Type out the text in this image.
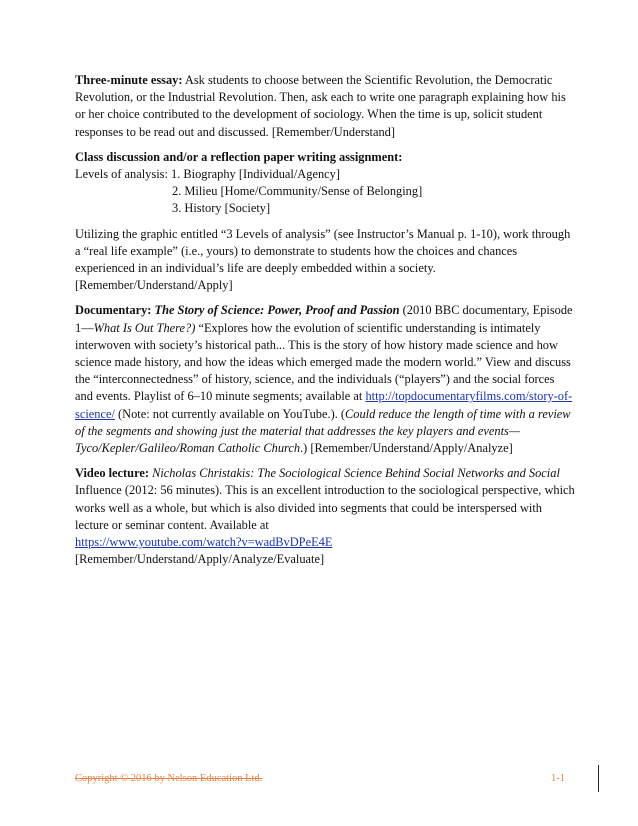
Three-minute essay: Ask students to choose between the Scientific Revolution, the Democratic Revolution, or the Industrial Revolution. Then, ask each to write one paragraph explaining how his or her choice contributed to the development of sociology. When the time is up, solicit student responses to be read out and discussed. [Remember/Understand]

Class discussion and/or a reflection paper writing assignment:
Levels of analysis: 1. Biography [Individual/Agency]
2. Milieu [Home/Community/Sense of Belonging]
3. History [Society]

Utilizing the graphic entitled “3 Levels of analysis” (see Instructor’s Manual p. 1-10), work through a “real life example” (i.e., yours) to demonstrate to students how the choices and chances experienced in an individual’s life are deeply embedded within a society. [Remember/Understand/Apply]

Documentary: The Story of Science: Power, Proof and Passion (2010 BBC documentary, Episode 1—What Is Out There?) “Explores how the evolution of scientific understanding is intimately interwoven with society’s historical path... This is the story of how history made science and how science made history, and how the ideas which emerged made the modern world.” View and discuss the “interconnectedness” of history, science, and the individuals (“players”) and the social forces and events. Playlist of 6–10 minute segments; available at http://topdocumentaryfilms.com/story-of-science/ (Note: not currently available on YouTube.). (Could reduce the length of time with a review of the segments and showing just the material that addresses the key players and events—Tyco/Kepler/Galileo/Roman Catholic Church.) [Remember/Understand/Apply/Analyze]

Video lecture: Nicholas Christakis: The Sociological Science Behind Social Networks and Social Influence (2012: 56 minutes). This is an excellent introduction to the sociological perspective, which works well as a whole, but which is also divided into segments that could be interspersed with lecture or seminar content. Available at
https://www.youtube.com/watch?v=wadBvDPeE4E
[Remember/Understand/Apply/Analyze/Evaluate]

Copyright © 2016 by Nelson Education Ltd.	1-1
